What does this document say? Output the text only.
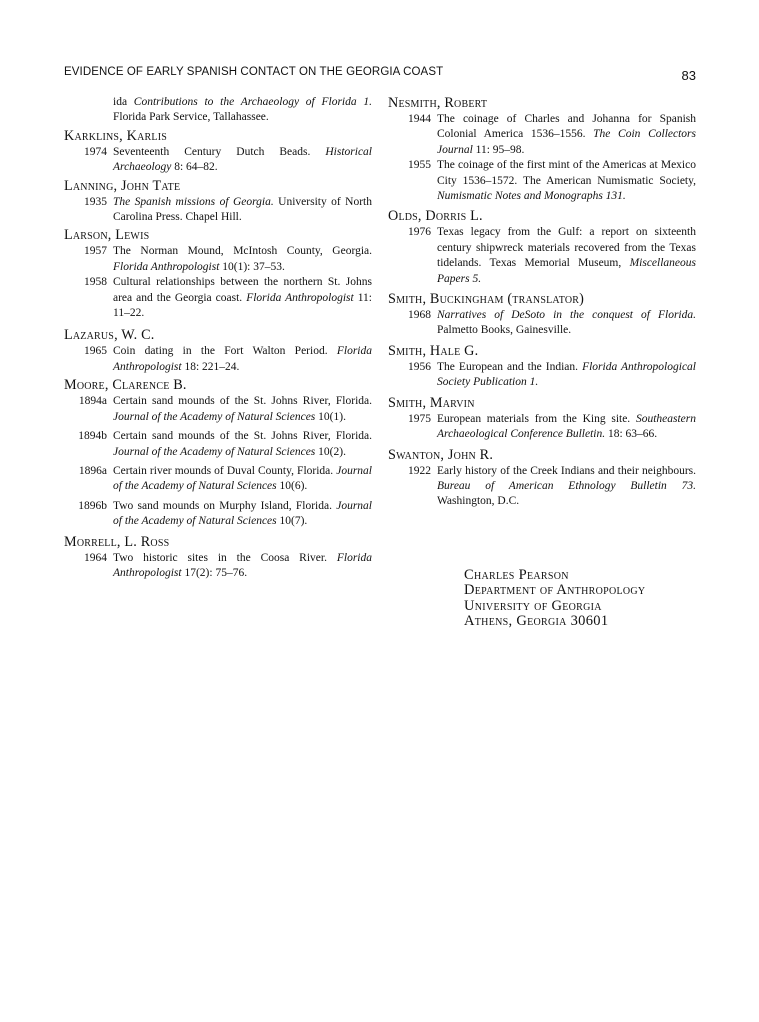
EVIDENCE OF EARLY SPANISH CONTACT ON THE GEORGIA COAST	83
ida Contributions to the Archaeology of Florida 1. Florida Park Service, Tallahassee.
Karklins, Karlis
1974 Seventeenth Century Dutch Beads. Historical Archaeology 8: 64–82.
Lanning, John Tate
1935 The Spanish missions of Georgia. University of North Carolina Press. Chapel Hill.
Larson, Lewis
1957 The Norman Mound, McIntosh County, Georgia. Florida Anthropologist 10(1): 37–53.
1958 Cultural relationships between the northern St. Johns area and the Georgia coast. Florida Anthropologist 11: 11–22.
Lazarus, W. C.
1965 Coin dating in the Fort Walton Period. Florida Anthropologist 18: 221–24.
Moore, Clarence B.
1894a Certain sand mounds of the St. Johns River, Florida. Journal of the Academy of Natural Sciences 10(1).
1894b Certain sand mounds of the St. Johns River, Florida. Journal of the Academy of Natural Sciences 10(2).
1896a Certain river mounds of Duval County, Florida. Journal of the Academy of Natural Sciences 10(6).
1896b Two sand mounds on Murphy Island, Florida. Journal of the Academy of Natural Sciences 10(7).
Morrell, L. Ross
1964 Two historic sites in the Coosa River. Florida Anthropologist 17(2): 75–76.
Nesmith, Robert
1944 The coinage of Charles and Johanna for Spanish Colonial America 1536–1556. The Coin Collectors Journal 11: 95–98.
1955 The coinage of the first mint of the Americas at Mexico City 1536–1572. The American Numismatic Society, Numismatic Notes and Monographs 131.
Olds, Dorris L.
1976 Texas legacy from the Gulf: a report on sixteenth century shipwreck materials recovered from the Texas tidelands. Texas Memorial Museum, Miscellaneous Papers 5.
Smith, Buckingham (translator)
1968 Narratives of DeSoto in the conquest of Florida. Palmetto Books, Gainesville.
Smith, Hale G.
1956 The European and the Indian. Florida Anthropological Society Publication 1.
Smith, Marvin
1975 European materials from the King site. Southeastern Archaeological Conference Bulletin. 18: 63–66.
Swanton, John R.
1922 Early history of the Creek Indians and their neighbours. Bureau of American Ethnology Bulletin 73. Washington, D.C.
Charles Pearson
Department of Anthropology
University of Georgia
Athens, Georgia 30601
